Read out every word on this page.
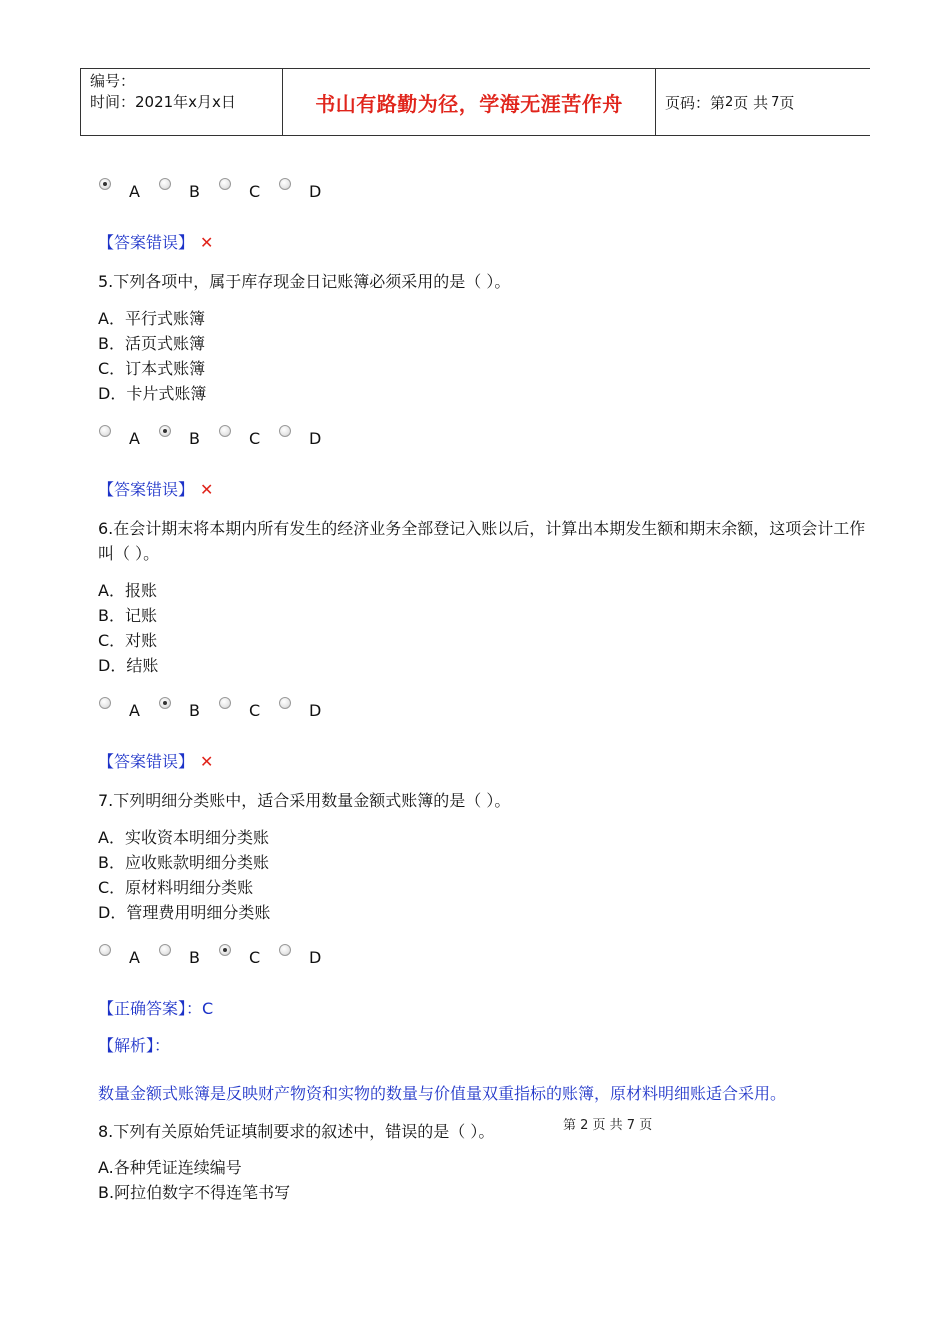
编号：
时间：2021年x月x日	书山有路勤为径，学海无涯苦作舟	页码：第 2 页 共 7 页
A	B	C	D
【答案错误】 ✕
5.下列各项中，属于库存现金日记账簿必须采用的是（ ）。
A．平行式账簿
B．活页式账簿
C．订本式账簿
D．卡片式账簿
A	B	C	D
【答案错误】 ✕
6.在会计期末将本期内所有发生的经济业务全部登记入账以后，计算出本期发生额和期末余额，这项会计工作叫（ ）。
A．报账
B．记账
C．对账
D．结账
A	B	C	D
【答案错误】 ✕
7.下列明细分类账中，适合采用数量金额式账簿的是（ ）。
A．实收资本明细分类账
B．应收账款明细分类账
C．原材料明细分类账
D．管理费用明细分类账
A	B	C	D
【正确答案】：C
【解析】：
数量金额式账簿是反映财产物资和实物的数量与价值量双重指标的账簿，原材料明细账适合采用。
8.下列有关原始凭证填制要求的叙述中，错误的是（ ）。	第 2 页 共 7 页
A.各种凭证连续编号
B.阿拉伯数字不得连笔书写
